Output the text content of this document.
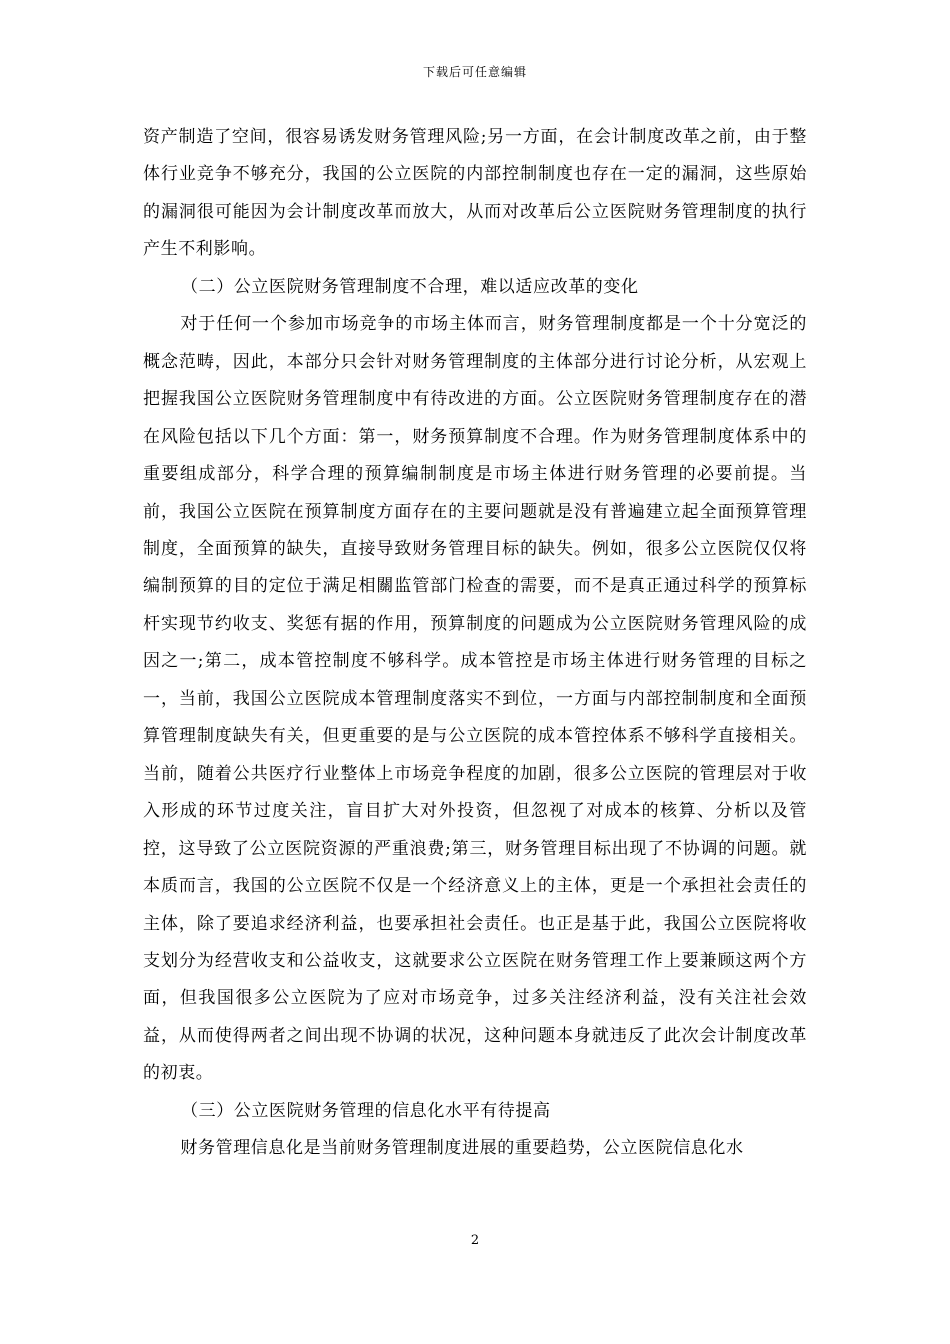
下载后可任意编辑

资产制造了空间，很容易诱发财务管理风险;另一方面，在会计制度改革之前，由于整体行业竞争不够充分，我国的公立医院的内部控制制度也存在一定的漏洞，这些原始的漏洞很可能因为会计制度改革而放大，从而对改革后公立医院财务管理制度的执行产生不利影响。

（二）公立医院财务管理制度不合理，难以适应改革的变化

对于任何一个参加市场竞争的市场主体而言，财务管理制度都是一个十分宽泛的概念范畴，因此，本部分只会针对财务管理制度的主体部分进行讨论分析，从宏观上把握我国公立医院财务管理制度中有待改进的方面。公立医院财务管理制度存在的潜在风险包括以下几个方面：第一，财务预算制度不合理。作为财务管理制度体系中的重要组成部分，科学合理的预算编制制度是市场主体进行财务管理的必要前提。当前，我国公立医院在预算制度方面存在的主要问题就是没有普遍建立起全面预算管理制度，全面预算的缺失，直接导致财务管理目标的缺失。例如，很多公立医院仅仅将编制预算的目的定位于满足相關监管部门检查的需要，而不是真正通过科学的预算标杆实现节约收支、奖惩有据的作用，预算制度的问题成为公立医院财务管理风险的成因之一;第二，成本管控制度不够科学。成本管控是市场主体进行财务管理的目标之一，当前，我国公立医院成本管理制度落实不到位，一方面与内部控制制度和全面预算管理制度缺失有关，但更重要的是与公立医院的成本管控体系不够科学直接相关。当前，随着公共医疗行业整体上市场竞争程度的加剧，很多公立医院的管理层对于收入形成的环节过度关注，盲目扩大对外投资，但忽视了对成本的核算、分析以及管控，这导致了公立医院资源的严重浪费;第三，财务管理目标出现了不协调的问题。就本质而言，我国的公立医院不仅是一个经济意义上的主体，更是一个承担社会责任的主体，除了要追求经济利益，也要承担社会责任。也正是基于此，我国公立医院将收支划分为经营收支和公益收支，这就要求公立医院在财务管理工作上要兼顾这两个方面，但我国很多公立医院为了应对市场竞争，过多关注经济利益，没有关注社会效益，从而使得两者之间出现不协调的状况，这种问题本身就违反了此次会计制度改革的初衷。

（三）公立医院财务管理的信息化水平有待提高

财务管理信息化是当前财务管理制度进展的重要趋势，公立医院信息化水

2
